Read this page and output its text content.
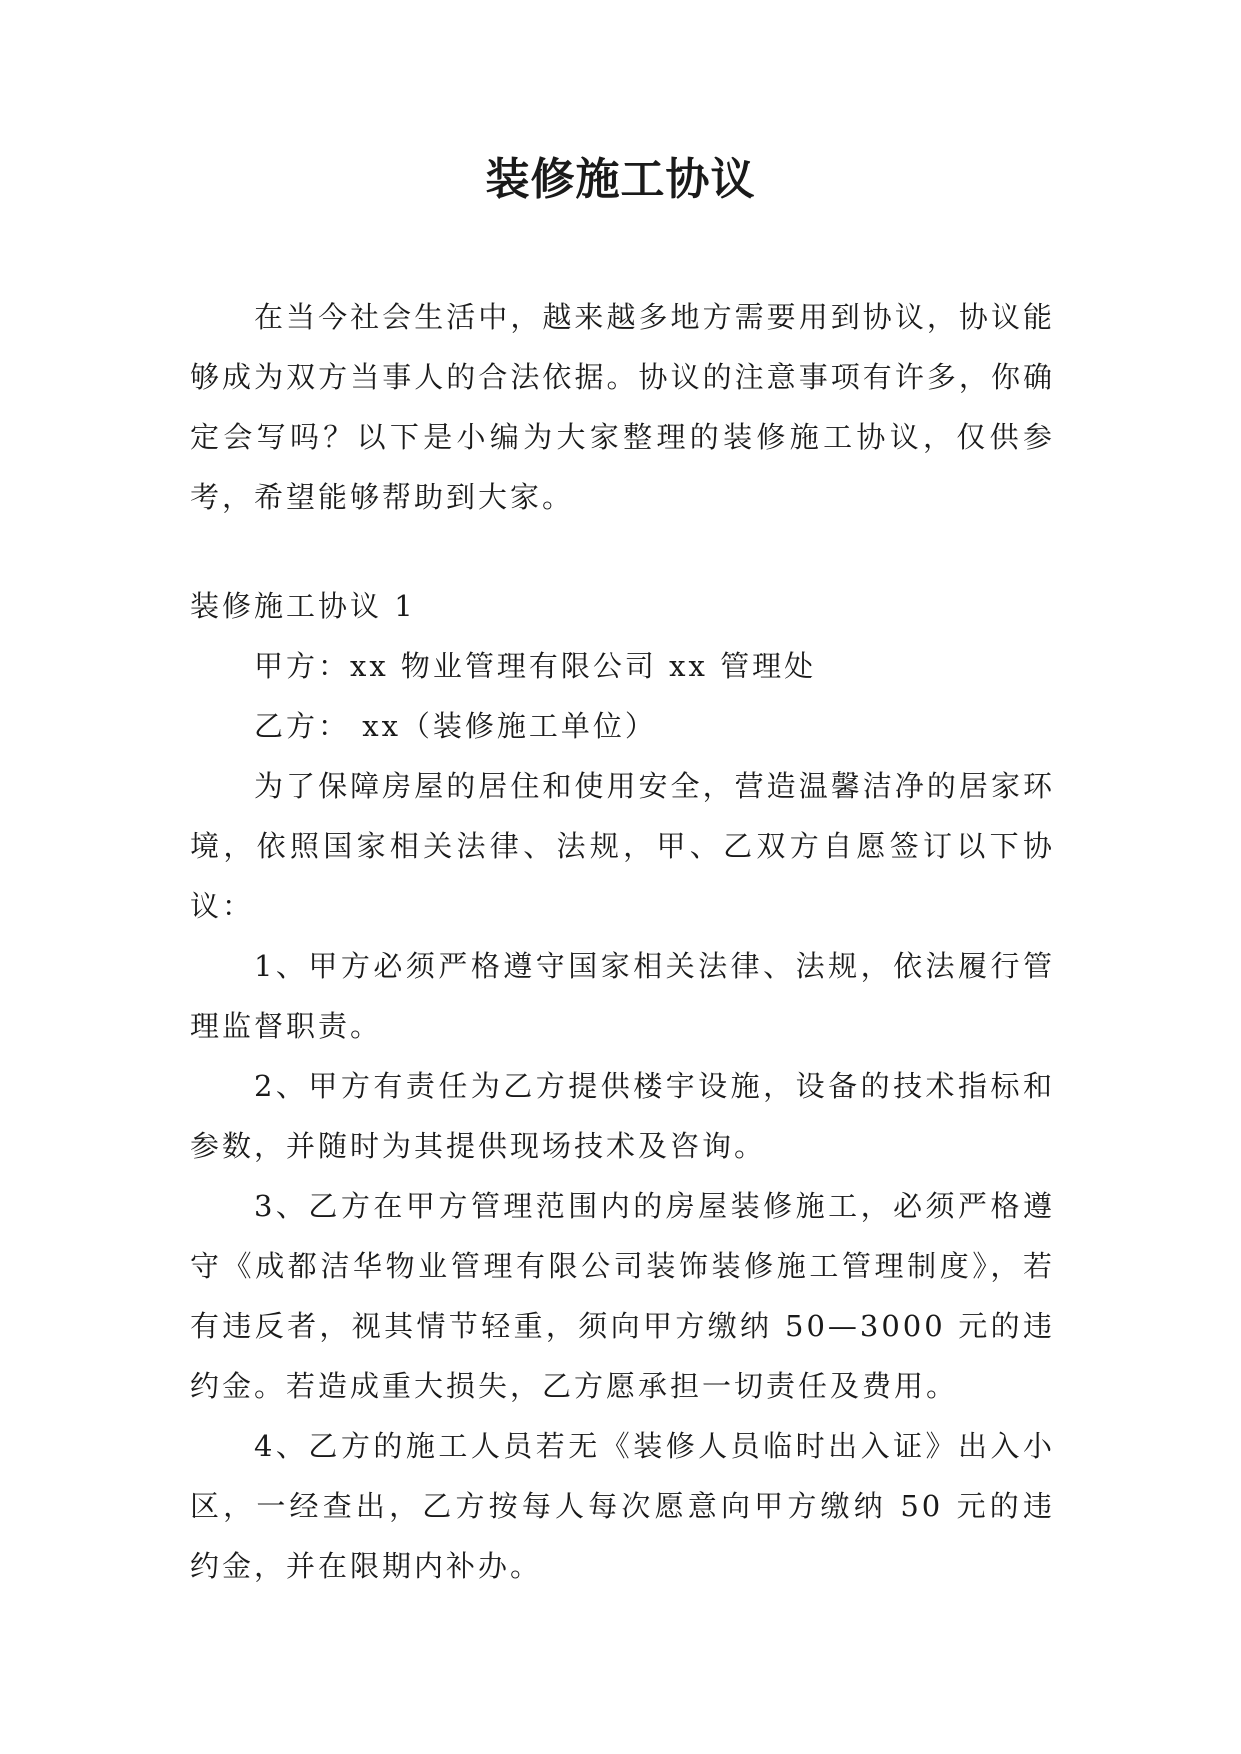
装修施工协议

在当今社会生活中，越来越多地方需要用到协议，协议能够成为双方当事人的合法依据。协议的注意事项有许多，你确定会写吗？以下是小编为大家整理的装修施工协议，仅供参考，希望能够帮助到大家。

装修施工协议 1

甲方：xx 物业管理有限公司 xx 管理处

乙方： xx（装修施工单位）

为了保障房屋的居住和使用安全，营造温馨洁净的居家环境，依照国家相关法律、法规，甲、乙双方自愿签订以下协议：

1、甲方必须严格遵守国家相关法律、法规，依法履行管理监督职责。

2、甲方有责任为乙方提供楼宇设施，设备的技术指标和参数，并随时为其提供现场技术及咨询。

3、乙方在甲方管理范围内的房屋装修施工，必须严格遵守《成都洁华物业管理有限公司装饰装修施工管理制度》，若有违反者，视其情节轻重，须向甲方缴纳 50—3000 元的违约金。若造成重大损失，乙方愿承担一切责任及费用。

4、乙方的施工人员若无《装修人员临时出入证》出入小区，一经查出，乙方按每人每次愿意向甲方缴纳 50 元的违约金，并在限期内补办。
